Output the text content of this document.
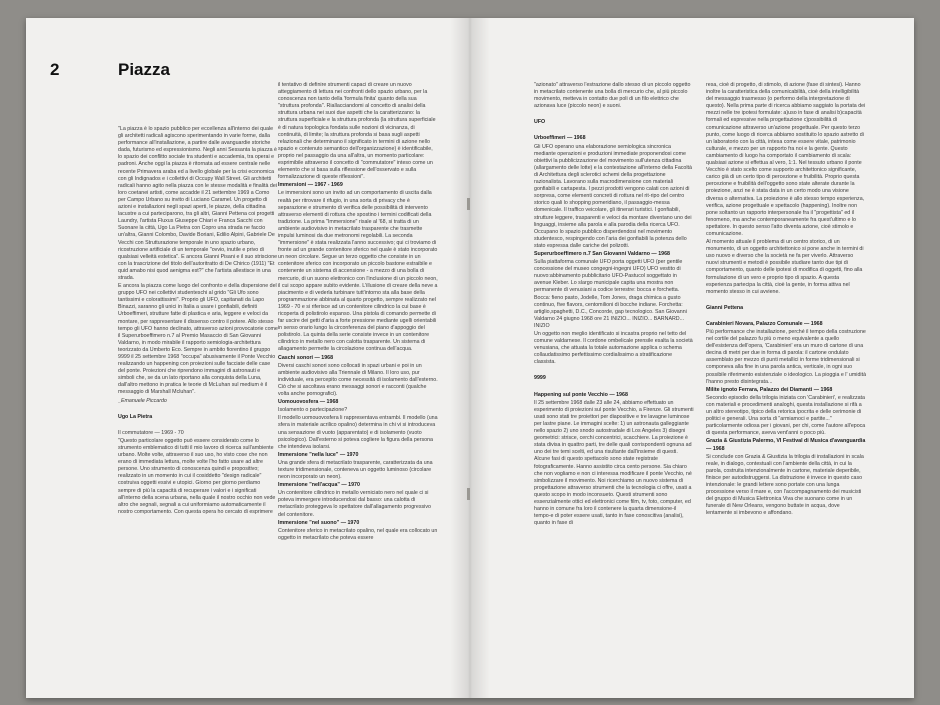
2	Piazza

"La piazza è lo spazio pubblico per eccellenza all'interno dei quale gli architetti radicali agiscono sperimentando in varie forme, dalla performance all'installazione, a partire dalle avanguardie storiche dada, futurismo ed espressionismo. Negli anni Sessanta la piazza è lo spazio dei conflitto sociale tra studenti e accademia, tra operai e padroni. Anche oggi la piazza è ritornata ad essere centrale nelle recente Primavera araba ed a livello globale per la crisi economica con gli Indignados e i collettivi di Occupy Wall Street. Gli architetti radicali hanno agito nella piazza con le stesse modalità e finalità dei loro coetanei artisti, come accadde il 21 settembre 1969 a Como per Campo Urbano su invito di Luciano Caramel. Un progetto di azioni e installazioni negli spazi aperti, le piazze, della cittadina lacustre a cui parteciparono, tra gli altri, Gianni Pettena coi progetti Laundry, l'artista Fluxus Giuseppe Chiari e Franca Sacchi con Suonare la città, Ugo La Pietra con Copro una strada ne faccio un'altra, Gianni Colombo, Davide Boriani, Edilio Alpini, Gabriele De Vecchi con Strutturazione temporale in uno spazio urbano, ricostruzione artificiale di un temporale "ovvio, inutile e privo di qualsiasi velleità estetica". E ancora Gianni Pisani e il suo striscione con la trascrizione del titolo dell'autoritratto di De Chirico (1911) "Et quid amabo nisi quod aenigma est?" che l'artista allestisce in una strada.

E ancora la piazza come luogo del confronto e della dispersione del gruppo UFO nei collettivi studenteschi al grido "Gli Ufo sono tantissimi e colorattissimi". Proprio gli UFO, capitanati da Lapo Binazzi, saranno gli unici in Italia a usare i gonfiabili, definiti Urboeffimeri, strutture fatte di plastica e aria, leggere e veloci da montare, per rappresentare il dissenso contro il potere. Allo stesso tempo gli UFO hanno declinato, attraverso azioni provocatorie come il Superurboeffimero n.7 al Premio Masaccio di San Giovanni Valdarno, in modo mirabile il rapporto semiologia-architettura teorizzato da Umberto Eco. Sempre in ambito fiorentino il gruppo 9999 il 25 settembre 1968 "occupa" abusivamente il Ponte Vecchio realizzando un happening con proiezioni sulle facciate delle case del ponte. Proiezioni che riprendono immagini di astronauti e simboli che, se da un lato riportano alla conquista della Luna, dall'altro mettono in pratica le teorie di McLuhan sul medium è il messaggio di Marshall Mcluhan".

_Emanuele Piccardo

Ugo La Pietra

Il commutatore — 1969 - 70

"Questo particolare oggetto può essere considerato come lo strumento emblematico di tutti il mio lavoro di ricerca sull'ambiente urbano. Molte volte, attraverso il suo uso, ho visto cose che non erano di immediata lettura, molte volte l'ho fatto usare ad altre persone. Uno strumento di conoscenza quindi e propositivo; realizzato in un momento in cui il cosiddetto "design radicale" costruiva oggetti essivi e utopici. Giorno per giorno perdiamo sempre di più la capacità di recuperare i valori e i significati all'interno della scena urbana, nella quale il nostro occhio non vede altro che segnali, segnali a cui uniformiamo automaticamente il nostro comportamento. Con questa opera ho cercato di esprimere

il tentativo di definire strumenti capaci di creare un nuovo atteggiamento di lettura nei confronti dello spazio urbano, per la conoscenza non tanto della 'formula finita' quanto della sua "struttura profonda". Riallacciandomi al concetto di analisi della struttura urbana nei suoi due aspetti che la caratterizzano: la struttura superficiale e la struttura profonda (la struttura superficiale è di natura topologica fondata sulle nozioni di vicinanza, di continuità, di limite; la struttura profonda si basa sugli aspetti relazionali che determinano il significato in termini di azione nello spazio e contenuto semantico dell'organizzazione) è identificabile, proprio nel passaggio da una all'altra, un momento particolare: esprimibile attraverso il concetto di "commutatore" inteso come un elemento che si basa sulla riflessione dell'osservato e sulla formalizzazione di queste riflessioni".

Immersioni — 1967 - 1969

Le immersioni sono un invito ad un comportamento di uscita dalla realtà per ritrovare il rifugio, in una sorta di privacy che è separazione e strumento di verifica delle possibilità di intervento attraverso elementi di rottura che spostino i termini codificati della tradizione. La prima "Immersione" risale al '68, si tratta di un ambiente audiovisivo in metacrilato trasparente che trasmette impulsi luminosi da due metronomi regolabili. La seconda "immersione" è stata realizzata l'anno successivo; qui ci troviamo di fronte ad un grande contenitore sferico nel quale è stato incorporato un neon circolare. Segue un terzo oggetto che consiste in un contenitore sferico con incorporato un piccolo bastone estraibile e contenente un sistema di accensione - a mezzo di una bolla di mercurio, di un suono elettronico con l'inclusione di un piccolo neon, il cui scopo appare subito evidente. L'illusione di creare della neve a piacimento e di vederla turbinare tutt'intorno sta alla base della programmazione abbinata al quarto progetto, sempre realizzato nel 1969 - 70 e si riferisce ad un contenitore cilindrico la cui base è ricoperta di polistirolo espanso. Una pistola di comando permette di far uscire dei getti d'aria a forte pressione mediante ugelli orientabili in senso orario lungo la circonferenza del piano d'appoggio del polistirolo. La quinta della serie consiste invece in un contenitore cilindrico in metallo nero con calotta trasparente. Un sistema di allagamento permette la circolazione continua dell'acqua.

Caschi sonori — 1968

Diversi caschi sonori sono collocati in spazi urbani e poi in un ambiente audiovisivo alla Triennale di Milano. Il loro uso, pur individuale, era percepito come necessità di isolamento dall'esterno. Ciò che si ascoltava erano messaggi sonori e racconti (qualche volta anche pornografici).

Uomouovosfera — 1968

Isolamento o partecipazione?

Il modello uomouovosfera li rappresentava entrambi. Il modello (una sfera in materiale acrilico opalino) determina in chi vi si introduceva una sensazione di vuoto (apparentato) e di isolamento (vuoto psicologico). Dall'esterno si poteva cogliere la figura della persona che intendeva isolarsi.

Immersione "nella luce" — 1970

Una grande sfera di metacrilato trasparente, caratterizzata da una texture tridimensionale, conteneva un oggetto luminoso (circolare neon incorporato un neon).

Immersione "nell'acqua" — 1970

Un contenitore cilindrico in metallo verniciato nero nel quale ci si poteva immergere introducendosi dal basso: una calotta di metacrilato proteggeva lo spettatore dall'allagamento progressivo del contenitore.

Immersione "nel suono" — 1970

Contenitore sferico in metacrilato opalino, nel quale era collocato un oggetto in metacrilato che poteva essere

"azionato" attraverso l'estrazione dallo stesso di un piccolo oggetto in metacrilato contenente una bolla di mercurio che, al più piccolo movimento, metteva in contatto due poli di un filo elettrico che azionava luce (piccolo neon) e suoni.

UFO

Urboeffimeri — 1968

Gli UFO operano una elaborazione semiologica sincronica mediante operazioni e produzioni immediate proponendosi come obiettivi la pubblicizzazione del movimento sull'utenza cittadina (allargamento delle lotte) e la contestazione all'interno della Facoltà di Architettura degli sclerotici schemi della progettazione razionalista. Lavorano sulla macrodimensione con materiali gonfiabili e cartapesta. I pezzi prodotti vengono calati con azioni di sorpresa, come elementi concreti di rottura nel rit-ripo del centro storico quali lo shopping pomeridiano, il passaggio-messa domenicale. Il traffico veicolare, gli itinerari turistici. I gonfiabili, strutture leggere, trasparenti e veloci da montare diventano uno dei linguaggi, insieme alla parola e alla parodia della ricerca UFO. Occupano lo spazio pubblico disperdendosi nel movimento studentesco, respingendo con l'aria dei gonfiabili la potenza dello stato espressa dalle cariche dei polizotti.

Superurboeffimero n.7 San Giovanni Valdarno — 1968

Sulla piattaforma comunale UFO porta oggetti UFO (per gentile concessione del museo congegni-ingegni UFO) UFO vestito di nuovo:abbinamento pubblicitario UFO-Pastucol soggettato in avenue Kleber. Lo slargo municipale capita una mostra non permanente di venusiani a codice terrestre: bocca e forchetta. Bocca: fieno pasto, Jodelle, Tom Jones, draga chimica a gusto continuo, five flavors, centomilioni di bocche indiane. Forchetta: artiglio,spaghetti, D.C., Concorde, gap tecnologico. San Giovanni Valdarno 24 giugno 1968 ore 21 INIZIO... INIZIO... BARNARD... INIZIO

Un oggetto non meglio identificato si incastra proprio nel tetto del comune valdarnese. Il cordone ombelicale prensile esalta la società venusiana, che attuata la totale automazione applica o schema collaudatissimo perfettissimo cordialissimo a stratificazione classista.

9999

Happening sul ponte Vecchio — 1968

Il 25 settembre 1968 dalle 23 alle 24, abbiamo effettuato un esperimento di proiezioni sul ponte Vecchio, a Firenze. Gli strumenti usati sono stati tre proiettori per diapositive e tre lavagne luminose per lastre piane. Le immagini scelte: 1) un astronauta galleggiante nello spazio 2) uno snodo autostradale di Los Angeles 3) disegni geometrici: strisce, cerchi concentrici, scacchiere. La proiezione è stata divisa in quattro parti, tre delle quali corrispondenti ognuna ad uno dei tre temi scelti, ed una risultante dall'insieme di questi. Alcune fasi di questo spettacolo sono state registrate fotograficamente. Hanno assistito circa cento persone. Sia chiaro che non vogliamo e non ci interessa modificare il ponte Vecchio, né simbolizzare il movimento. Noi ricerchiamo un nuovo sistema di progettazione attraverso strumenti che la tecnologia ci offre, usati a questo scopo in modo inconsueto. Questi strumenti sono essenzialmente ottici ed elettronici come film, tv, foto, computer, ed hanno in comune fra loro il contenere la quarta dimensione-il tempo-e di poter essere usati, tanto in fase conoscitiva (analisi), quanto in fase di

resa, cioè di progetto, di stimolo, di azione (fase di sintesi). Hanno inoltre la caratteristica della comunicabilità, cioè della intelligibilità del messaggio trasmesso (o performo della interpretazione di questo). Nella prima parte di ricerca abbiamo saggiato la portata dei mezzi nelle tre ipotesi formulate: a)uso in fase di analisi b)capacità formali ed espressive nella progettazione c)possibilità di comunicazione attraverso un'azione progettuale. Per questo terzo punto, come luogo di ricerca abbiamo sostituito lo spazio astretto di un laboratorio con la città, intesa come essere vitale, patrimonio culturale, e mezzo per un rapporto fra noi e la gente. Questo cambiamento di luogo ha comportato il cambiamento di scala: qualsiasi azione si effettua al vero, 1:1. Nel tessuto urbano il ponte Vecchio è stato scelto come supporto architettonico significante, carico già di un certo tipo di percezione e fruibilità. Proprio questa percezione e fruibilità dell'oggetto sono state alterate durante la proiezione, anzi ne è stata data in un certo modo una visione diversa o alternativa. La proiezione è allo stesso tempo esperienza, verifica, azione progettuale e spettacolo (happening). Inoltre non pone soltanto un rapporto interpersonale fra il "progettista" ed il fenomeno, ma anche contemporaneamente fra quest'ultimo e lo spettatore. In questo senso l'atto diventa azione, cioè stimolo e comunicazione.

Al momento attuale il problema di un centro storico, di un monumento, di un oggetto architettonico si pone anche in termini di uso nuovo e diverso che la società ne fa per viverlo. Attraverso nuovi strumenti e metodi è possibile studiare tanto due tipi di comportamento, quanto delle ipotesi di modifica di oggetti, fino alla formulazione di un vero e proprio tipo di spazio. A questa esperienza partecipa la città, cioè la gente, in forma attiva nel momento stesso in cui avviene.

Gianni Pettena

Carabinieri Novara, Palazzo Comunale — 1968

Più performance che installazione, perché il tempo della costruzione nel cortile del palazzo fu più o meno equivalente a quello dell'esistenza dell'opera, 'Carabinieri' era un muro di cartone di una decina di metri per due in forma di parola: il cartone ondulato assemblato per mezzo di punti metallici in forme tridimensionali si componeva alla fine in una parola antica, verticale, in ogni suo possibile riferimento esistenziale o ideologico. La pioggia e l' umidità l'hanno presto disintegrata...

Milite ignoto Ferrara, Palazzo dei Diamanti — 1968

Secondo episodio della trilogia iniziata con 'Carabinieri', e realizzata con materiali e procedimenti analoghi, questa installazione si rifà a un altro stereotipo, tipico della retorica ipocrita e delle cerimonie di politici e generali. Una sorta di "armiamoci e partite..." particolarmente odiosa per i giovani, per chi, come l'autore all'epoca di questa performance, aveva vent'anni o poco più.

Grazia & Giustizia Palermo, VI Festival di Musica d'avanguardia — 1968

Si conclude con Grazia & Giustizia la trilogia di installazioni in scala reale, in dialogo, contestuali con l'ambiente della città, in cui la parola, costruita intenzionalmente in cartone, materiale deperibile, finisce per autodistruggersi. La distruzione è invece in questo caso intenzionale: le grandi lettere sono portate con una lunga processione verso il mare e, con l'accompagnamento dei musicisti del gruppo di Musica Elettronica Viva che suonano come in un funerale di New Orleans, vengono buttate in acqua, dove lentamente si imbevono e affondano.
